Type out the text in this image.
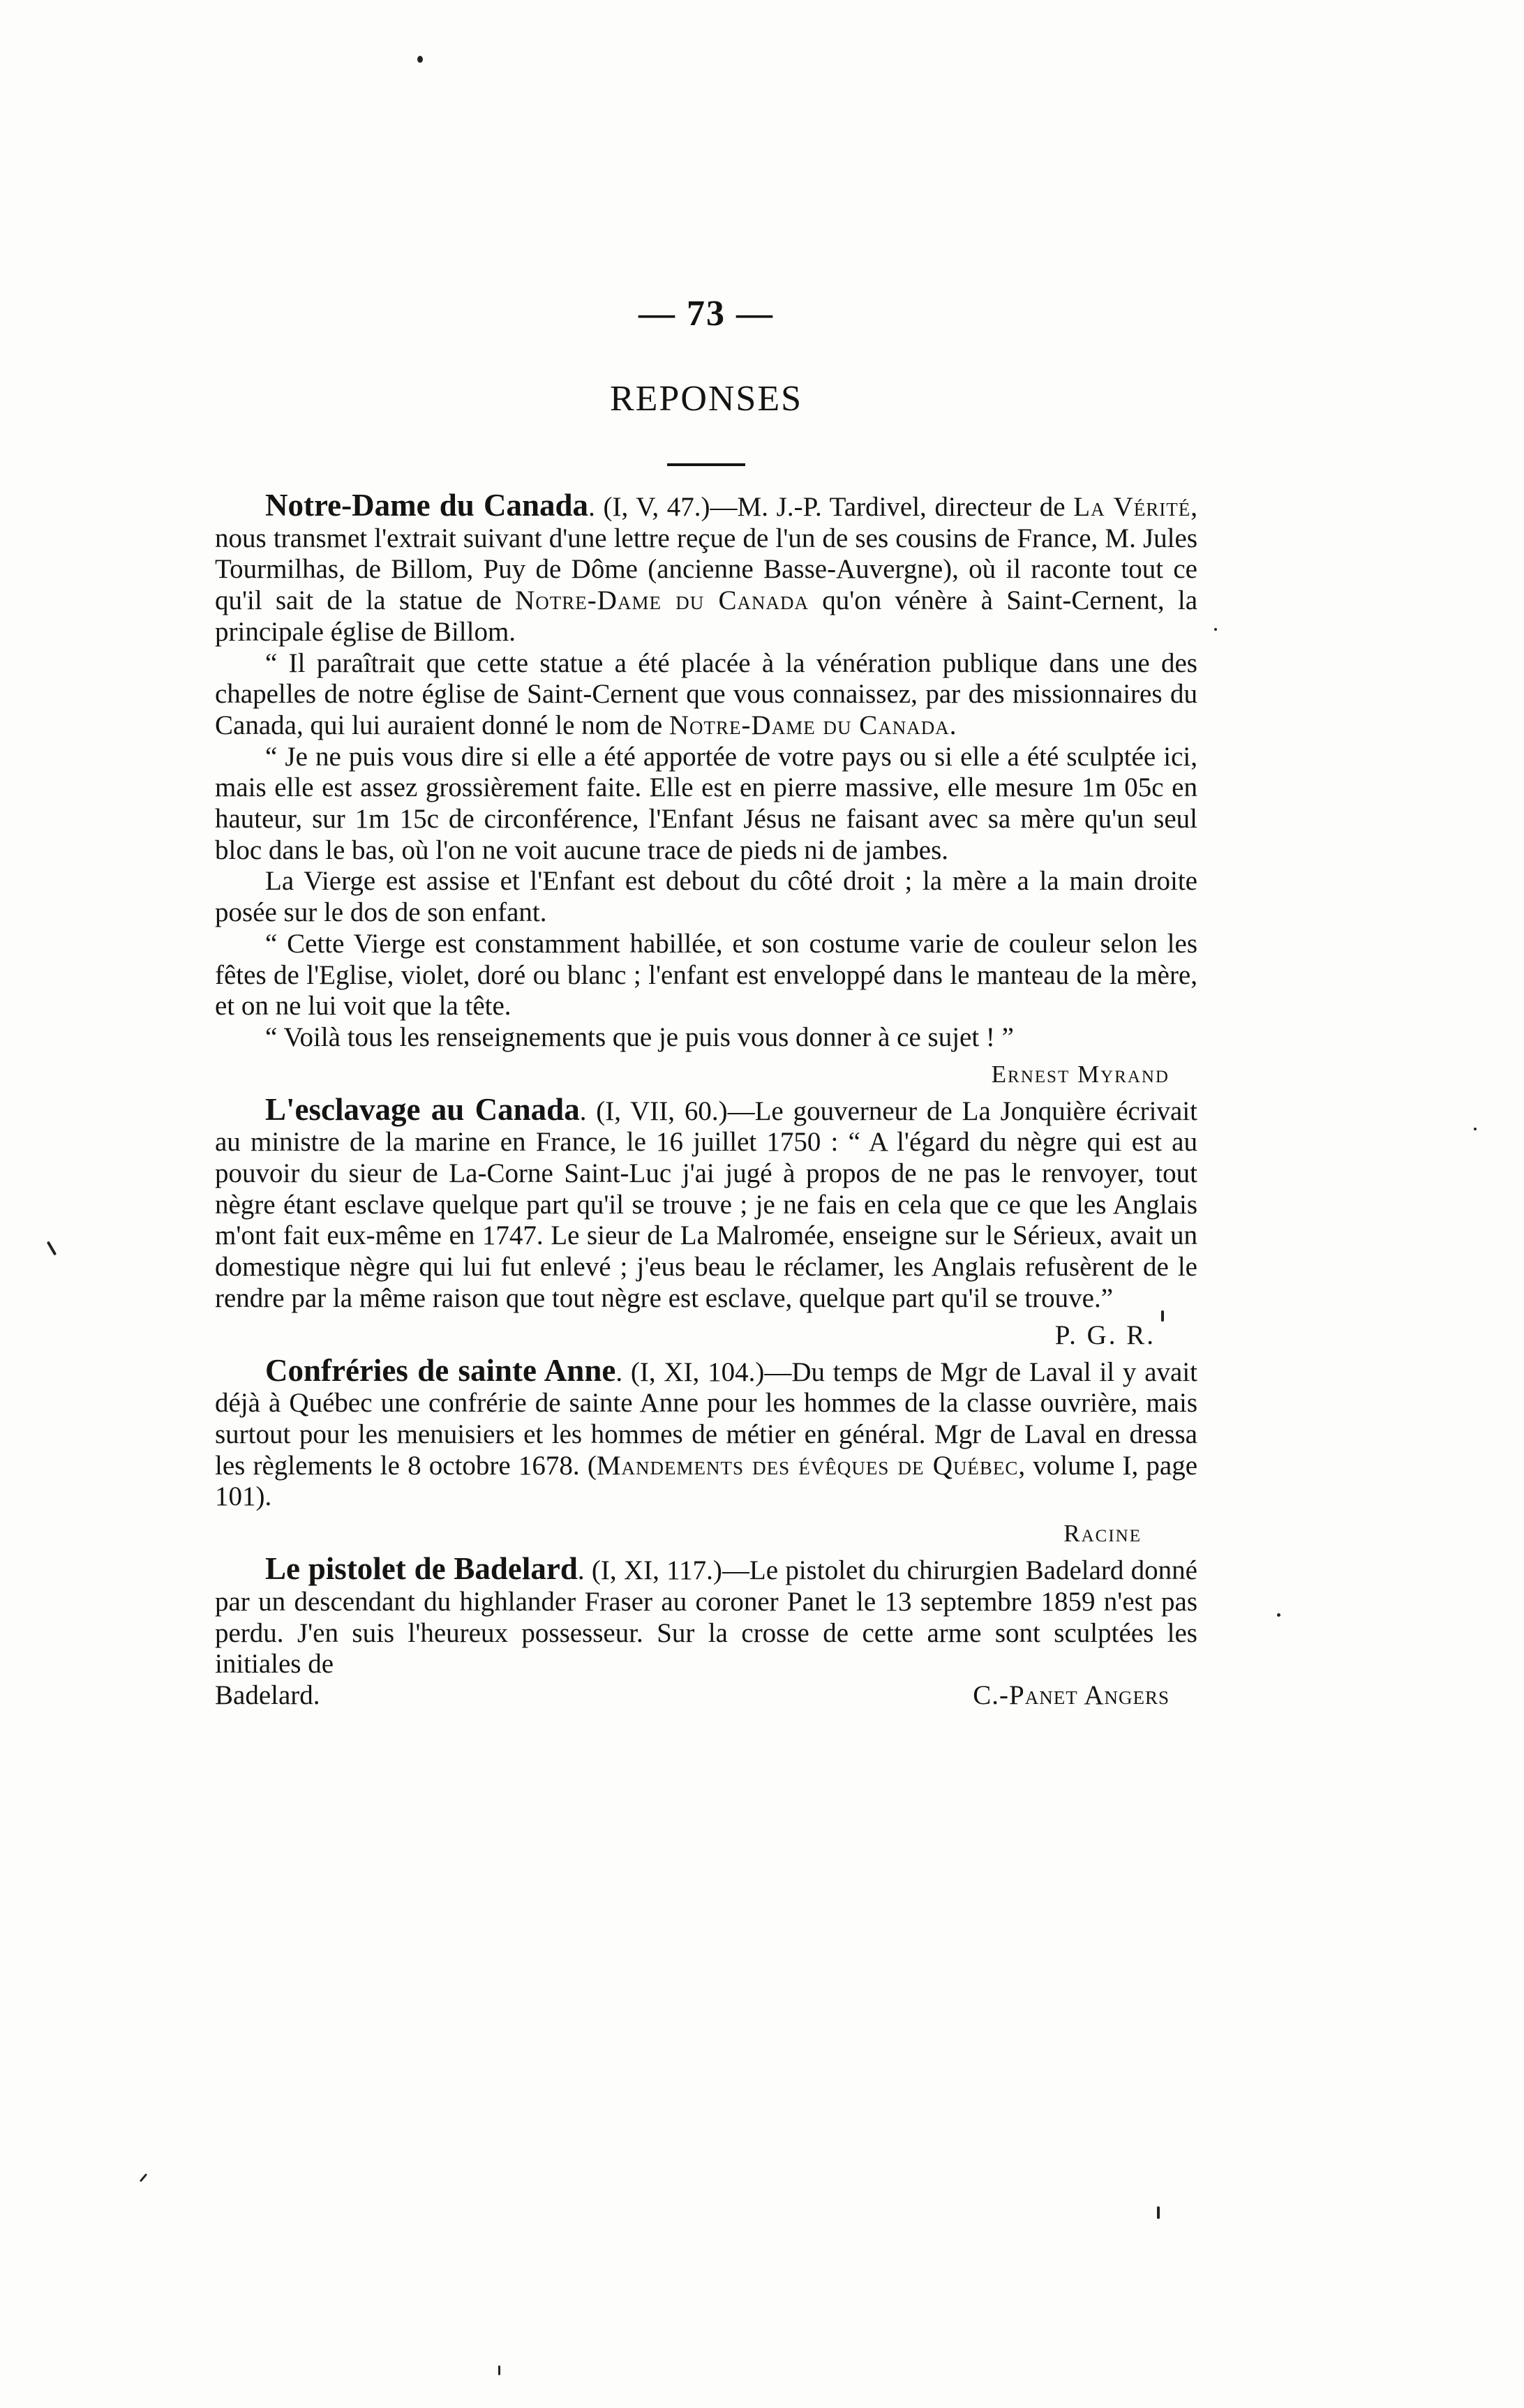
— 73 —
REPONSES

Notre-Dame du Canada. (I, V, 47.)—M. J.-P. Tardivel, directeur de La Vérité, nous transmet l'extrait suivant d'une lettre reçue de l'un de ses cousins de France, M. Jules Tourmilhas, de Billom, Puy de Dôme (ancienne Basse-Auvergne), où il raconte tout ce qu'il sait de la statue de Notre-Dame du Canada qu'on vénère à Saint-Cernent, la principale église de Billom.

“ Il paraîtrait que cette statue a été placée à la vénération publique dans une des chapelles de notre église de Saint-Cernent que vous connaissez, par des missionnaires du Canada, qui lui auraient donné le nom de Notre-Dame du Canada.

“ Je ne puis vous dire si elle a été apportée de votre pays ou si elle a été sculptée ici, mais elle est assez grossièrement faite. Elle est en pierre massive, elle mesure 1m 05c en hauteur, sur 1m 15c de circonférence, l'Enfant Jésus ne faisant avec sa mère qu'un seul bloc dans le bas, où l'on ne voit aucune trace de pieds ni de jambes.

La Vierge est assise et l'Enfant est debout du côté droit ; la mère a la main droite posée sur le dos de son enfant.

“ Cette Vierge est constamment habillée, et son costume varie de couleur selon les fêtes de l'Eglise, violet, doré ou blanc ; l'enfant est enveloppé dans le manteau de la mère, et on ne lui voit que la tête.

“ Voilà tous les renseignements que je puis vous donner à ce sujet ! ”

Ernest Myrand

L'esclavage au Canada. (I, VII, 60.)—Le gouverneur de La Jonquière écrivait au ministre de la marine en France, le 16 juillet 1750 : “ A l'égard du nègre qui est au pouvoir du sieur de La-Corne Saint-Luc j'ai jugé à propos de ne pas le renvoyer, tout nègre étant esclave quelque part qu'il se trouve ; je ne fais en cela que ce que les Anglais m'ont fait eux-même en 1747. Le sieur de La Malromée, enseigne sur le Sérieux, avait un domestique nègre qui lui fut enlevé ; j'eus beau le réclamer, les Anglais refusèrent de le rendre par la même raison que tout nègre est esclave, quelque part qu'il se trouve.”

P. G. R.

Confréries de sainte Anne. (I, XI, 104.)—Du temps de Mgr de Laval il y avait déjà à Québec une confrérie de sainte Anne pour les hommes de la classe ouvrière, mais surtout pour les menuisiers et les hommes de métier en général. Mgr de Laval en dressa les règlements le 8 octobre 1678. (Mandements des évêques de Québec, volume I, page 101).

Racine

Le pistolet de Badelard. (I, XI, 117.)—Le pistolet du chirurgien Badelard donné par un descendant du highlander Fraser au coroner Panet le 13 septembre 1859 n'est pas perdu. J'en suis l'heureux possesseur. Sur la crosse de cette arme sont sculptées les initiales de

Badelard.	C.-Panet Angers
